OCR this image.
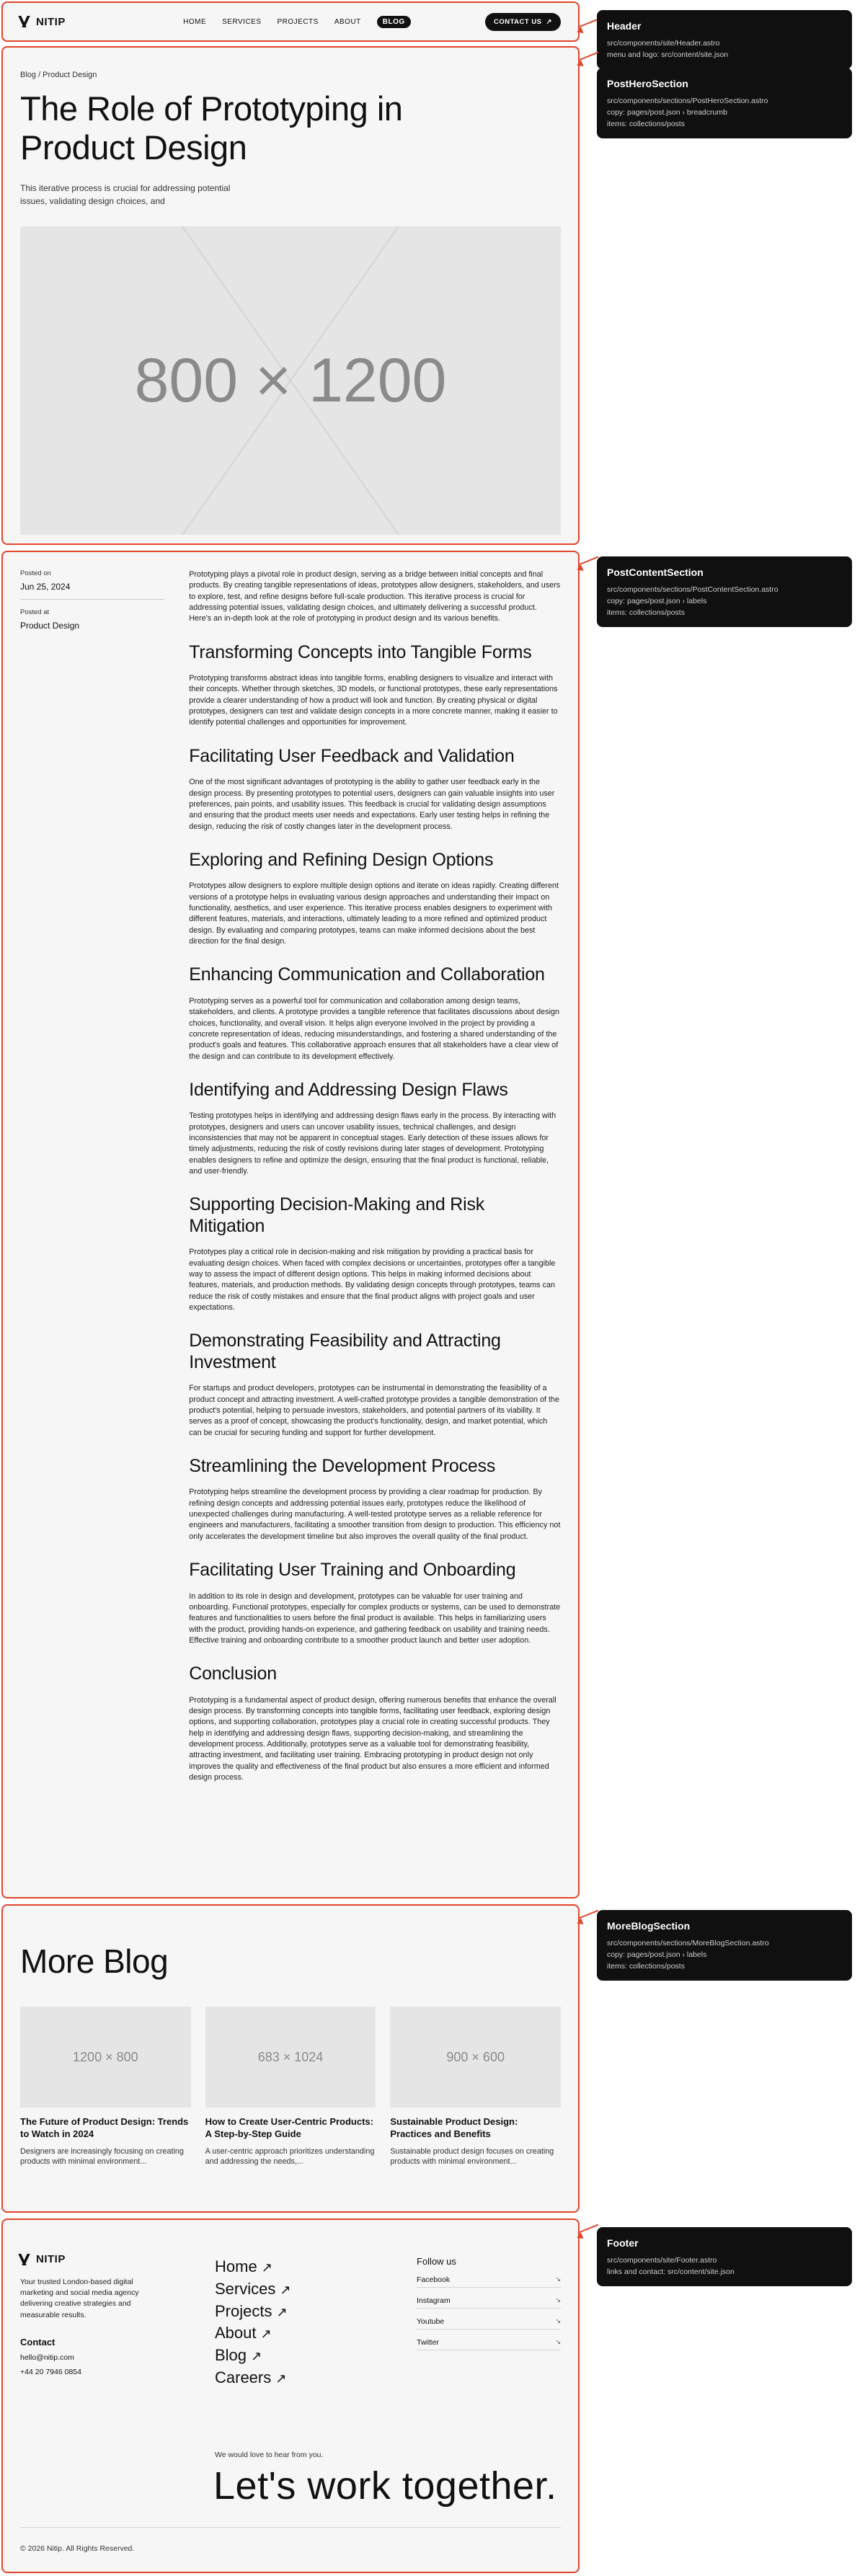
NITIP	HOME SERVICES PROJECTS ABOUT	BLOG	CONTACT US ↗
Blog / Product Design
The Role of Prototyping in Product Design

This iterative process is crucial for addressing potential issues, validating design choices, and

800 × 1200
Posted on
Jun 25, 2024
Posted at
Product Design

Prototyping plays a pivotal role in product design, serving as a bridge between initial concepts and final products. By creating tangible representations of ideas, prototypes allow designers, stakeholders, and users to explore, test, and refine designs before full-scale production. This iterative process is crucial for addressing potential issues, validating design choices, and ultimately delivering a successful product. Here's an in-depth look at the role of prototyping in product design and its various benefits.

Transforming Concepts into Tangible Forms

Prototyping transforms abstract ideas into tangible forms, enabling designers to visualize and interact with their concepts. Whether through sketches, 3D models, or functional prototypes, these early representations provide a clearer understanding of how a product will look and function. By creating physical or digital prototypes, designers can test and validate design concepts in a more concrete manner, making it easier to identify potential challenges and opportunities for improvement.

Facilitating User Feedback and Validation

One of the most significant advantages of prototyping is the ability to gather user feedback early in the design process. By presenting prototypes to potential users, designers can gain valuable insights into user preferences, pain points, and usability issues. This feedback is crucial for validating design assumptions and ensuring that the product meets user needs and expectations. Early user testing helps in refining the design, reducing the risk of costly changes later in the development process.

Exploring and Refining Design Options

Prototypes allow designers to explore multiple design options and iterate on ideas rapidly. Creating different versions of a prototype helps in evaluating various design approaches and understanding their impact on functionality, aesthetics, and user experience. This iterative process enables designers to experiment with different features, materials, and interactions, ultimately leading to a more refined and optimized product design. By evaluating and comparing prototypes, teams can make informed decisions about the best direction for the final design.

Enhancing Communication and Collaboration

Prototyping serves as a powerful tool for communication and collaboration among design teams, stakeholders, and clients. A prototype provides a tangible reference that facilitates discussions about design choices, functionality, and overall vision. It helps align everyone involved in the project by providing a concrete representation of ideas, reducing misunderstandings, and fostering a shared understanding of the product's goals and features. This collaborative approach ensures that all stakeholders have a clear view of the design and can contribute to its development effectively.

Identifying and Addressing Design Flaws

Testing prototypes helps in identifying and addressing design flaws early in the process. By interacting with prototypes, designers and users can uncover usability issues, technical challenges, and design inconsistencies that may not be apparent in conceptual stages. Early detection of these issues allows for timely adjustments, reducing the risk of costly revisions during later stages of development. Prototyping enables designers to refine and optimize the design, ensuring that the final product is functional, reliable, and user-friendly.

Supporting Decision-Making and Risk Mitigation

Prototypes play a critical role in decision-making and risk mitigation by providing a practical basis for evaluating design choices. When faced with complex decisions or uncertainties, prototypes offer a tangible way to assess the impact of different design options. This helps in making informed decisions about features, materials, and production methods. By validating design concepts through prototypes, teams can reduce the risk of costly mistakes and ensure that the final product aligns with project goals and user expectations.

Demonstrating Feasibility and Attracting Investment

For startups and product developers, prototypes can be instrumental in demonstrating the feasibility of a product concept and attracting investment. A well-crafted prototype provides a tangible demonstration of the product's potential, helping to persuade investors, stakeholders, and potential partners of its viability. It serves as a proof of concept, showcasing the product's functionality, design, and market potential, which can be crucial for securing funding and support for further development.

Streamlining the Development Process

Prototyping helps streamline the development process by providing a clear roadmap for production. By refining design concepts and addressing potential issues early, prototypes reduce the likelihood of unexpected challenges during manufacturing. A well-tested prototype serves as a reliable reference for engineers and manufacturers, facilitating a smoother transition from design to production. This efficiency not only accelerates the development timeline but also improves the overall quality of the final product.

Facilitating User Training and Onboarding

In addition to its role in design and development, prototypes can be valuable for user training and onboarding. Functional prototypes, especially for complex products or systems, can be used to demonstrate features and functionalities to users before the final product is available. This helps in familiarizing users with the product, providing hands-on experience, and gathering feedback on usability and training needs. Effective training and onboarding contribute to a smoother product launch and better user adoption.

Conclusion

Prototyping is a fundamental aspect of product design, offering numerous benefits that enhance the overall design process. By transforming concepts into tangible forms, facilitating user feedback, exploring design options, and supporting collaboration, prototypes play a crucial role in creating successful products. They help in identifying and addressing design flaws, supporting decision-making, and streamlining the development process. Additionally, prototypes serve as a valuable tool for demonstrating feasibility, attracting investment, and facilitating user training. Embracing prototyping in product design not only improves the quality and effectiveness of the final product but also ensures a more efficient and informed design process.

More Blog
1200 × 800
The Future of Product Design: Trends to Watch in 2024

Designers are increasingly focusing on creating products with minimal environment...

683 × 1024
How to Create User-Centric Products: A Step-by-Step Guide

A user-centric approach prioritizes understanding and addressing the needs,...

900 × 600
Sustainable Product Design: Practices and Benefits

Sustainable product design focuses on creating products with minimal environment...

NITIP
Your trusted London-based digital marketing and social media agency delivering creative strategies and measurable results.
Contact
hello@nitip.com
+44 20 7946 0854
Home ↗
Services ↗
Projects ↗
About ↗
Blog ↗
Careers ↗
Follow us
Facebook	↘
Instagram	↘
Youtube	↘
Twitter	↘
We would love to hear from you.
Let's work together.
© 2026 Nitip. All Rights Reserved.
Header
src/components/site/Header.astro
menu and logo: src/content/site.json
PostHeroSection
src/components/sections/PostHeroSection.astro
copy: pages/post.json › breadcrumb
items: collections/posts
PostContentSection
src/components/sections/PostContentSection.astro
copy: pages/post.json › labels
items: collections/posts
MoreBlogSection
src/components/sections/MoreBlogSection.astro
copy: pages/post.json › labels
items: collections/posts
Footer
src/components/site/Footer.astro
links and contact: src/content/site.json
